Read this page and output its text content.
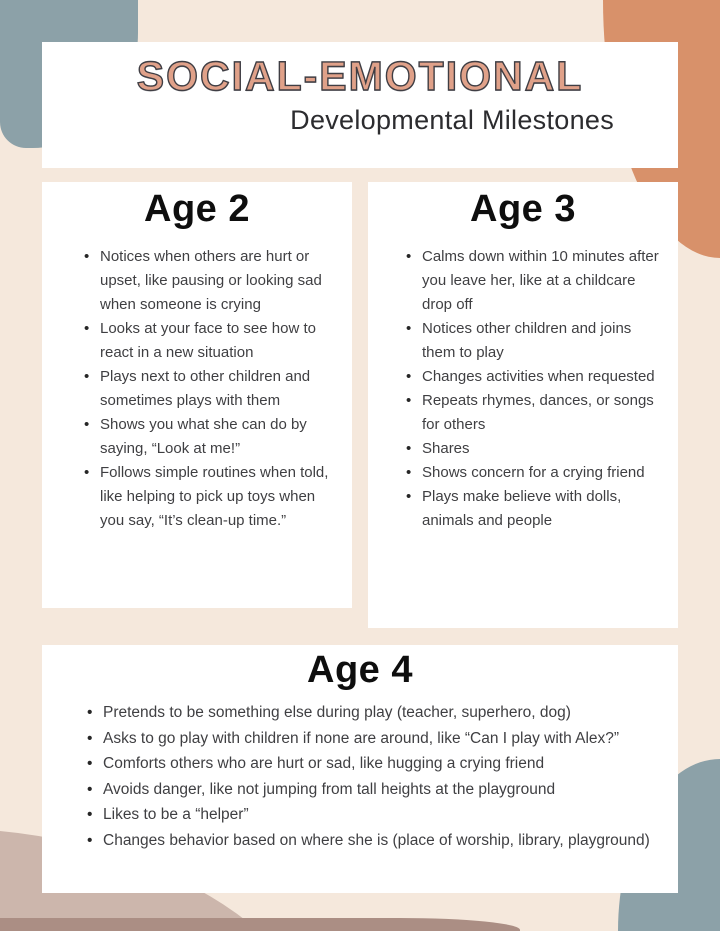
SOCIAL-EMOTIONAL
Developmental Milestones
Age 2
• Notices when others are hurt or upset, like pausing or looking sad when someone is crying
• Looks at your face to see how to react in a new situation
• Plays next to other children and sometimes plays with them
• Shows you what she can do by saying, “Look at me!”
• Follows simple routines when told, like helping to pick up toys when you say, “It’s clean-up time.”
Age 3
• Calms down within 10 minutes after you leave her, like at a childcare drop off
• Notices other children and joins them to play
• Changes activities when requested
• Repeats rhymes, dances, or songs for others
• Shares
• Shows concern for a crying friend
• Plays make believe with dolls, animals and people
Age 4
• Pretends to be something else during play (teacher, superhero, dog)
• Asks to go play with children if none are around, like “Can I play with Alex?”
• Comforts others who are hurt or sad, like hugging a crying friend
• Avoids danger, like not jumping from tall heights at the playground
• Likes to be a “helper”
• Changes behavior based on where she is (place of worship, library, playground)
